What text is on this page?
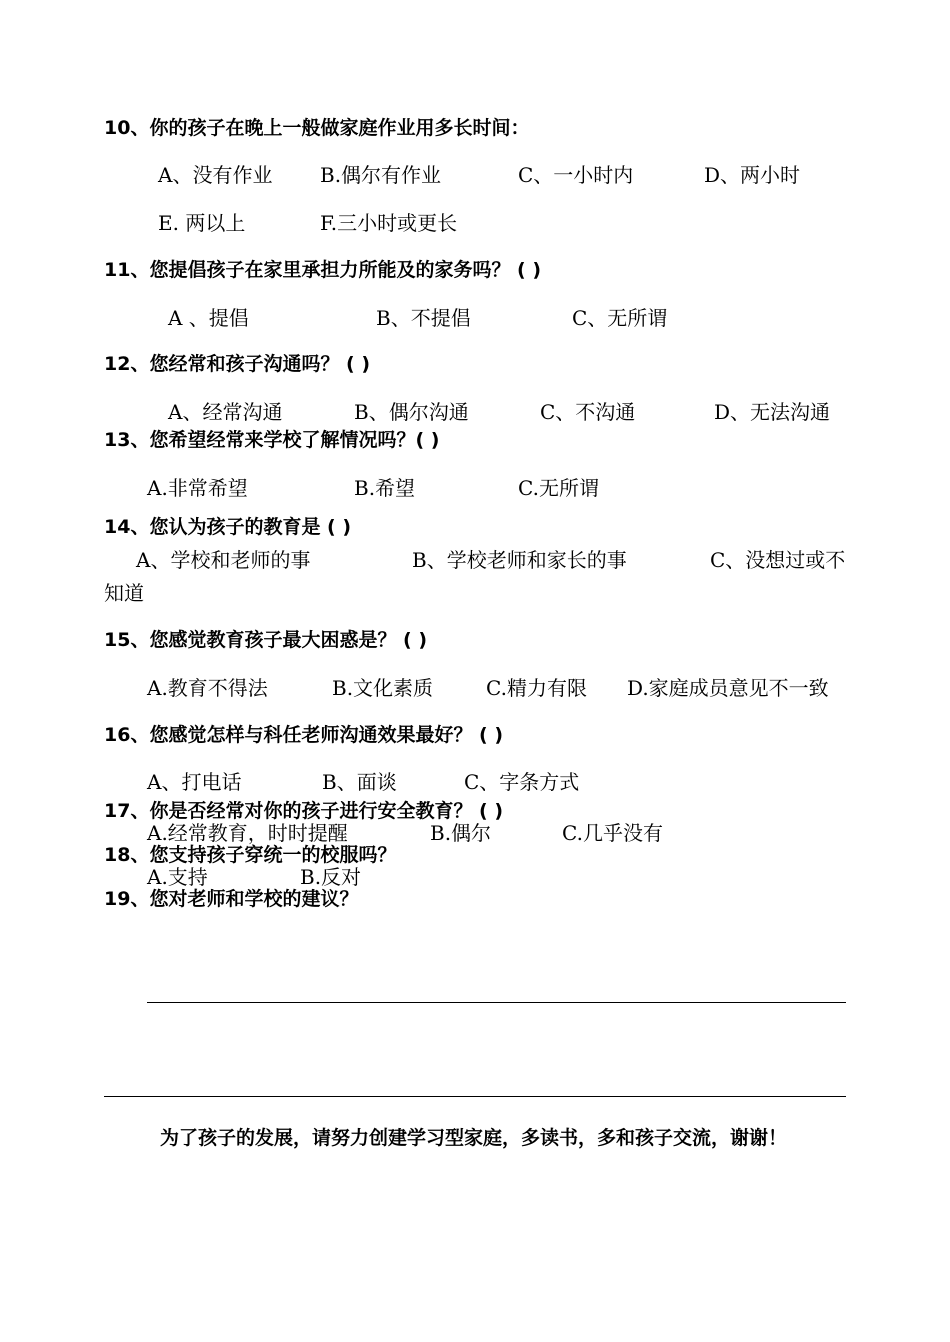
10、你的孩子在晚上一般做家庭作业用多长时间：
A、没有作业 B.偶尔有作业	C、一小时内	D、两小时
E. 两以上	F.三小时或更长
11、您提倡孩子在家里承担力所能及的家务吗？ ( )
A 、提倡	B、不提倡	C、无所谓
12、您经常和孩子沟通吗？ ( )
A、经常沟通	B、偶尔沟通	C、不沟通	D、无法沟通
13、您希望经常来学校了解情况吗？( )
A.非常希望	B.希望	C.无所谓
14、您认为孩子的教育是 ( )
A、学校和老师的事	B、学校老师和家长的事	C、没想过或不
知道
15、您感觉教育孩子最大困惑是？ ( )
A.教育不得法	B.文化素质	C.精力有限 D.家庭成员意见不一致
16、您感觉怎样与科任老师沟通效果最好？ ( )
A、打电话	B、面谈	C、字条方式
17、你是否经常对你的孩子进行安全教育？ ( )
A.经常教育，时时提醒	B.偶尔	C.几乎没有
18、您支持孩子穿统一的校服吗？
A.支持	B.反对
19、您对老师和学校的建议？
为了孩子的发展，请努力创建学习型家庭，多读书，多和孩子交流，谢谢！
